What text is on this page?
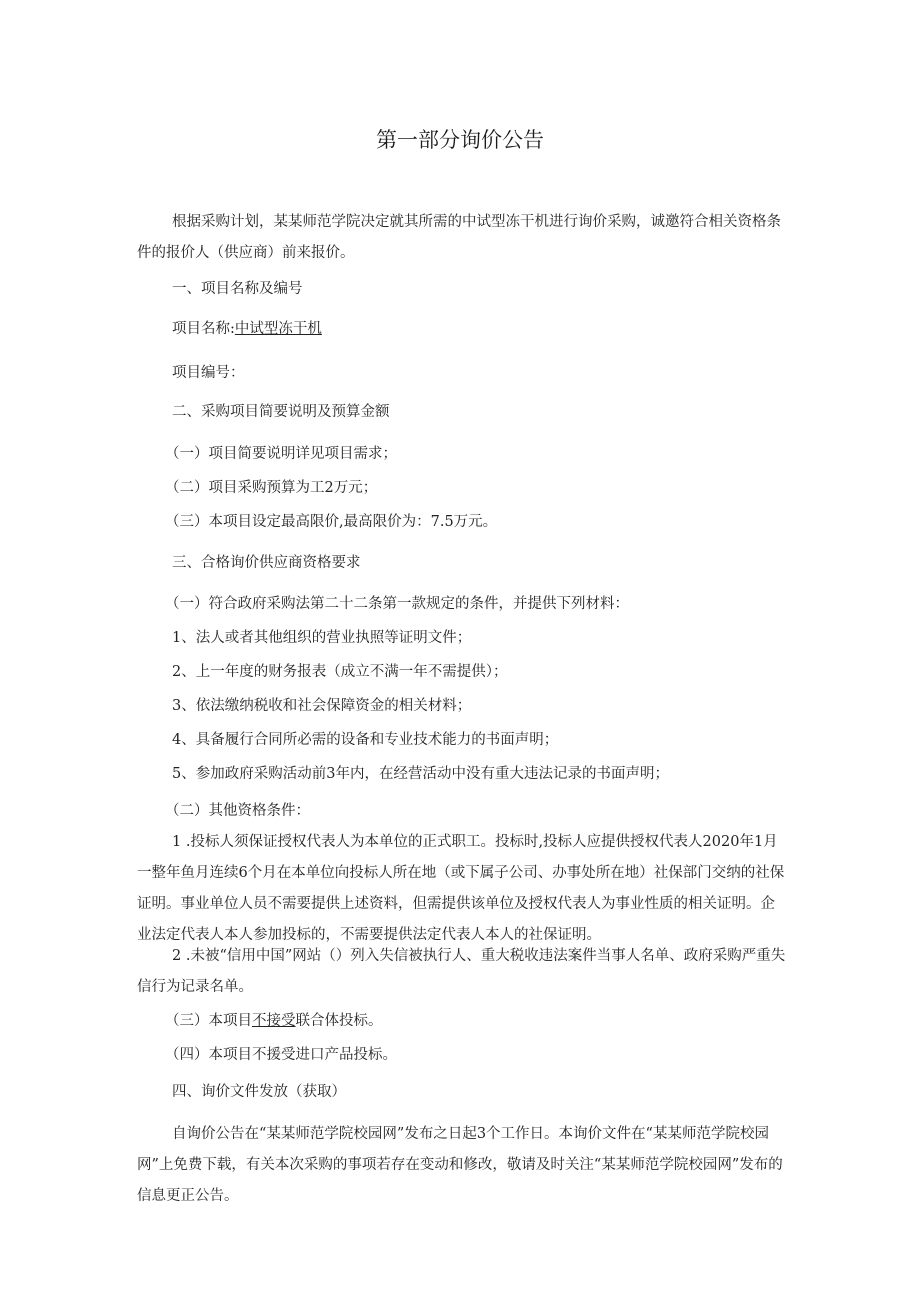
第一部分询价公告
根据采购计划，某某师范学院决定就其所需的中试型冻干机进行询价采购，诚邀符合相关资格条件的报价人（供应商）前来报价。
一、项目名称及编号
项目名称:中试型冻干机
项目编号：
二、采购项目简要说明及预算金额
（一）项目简要说明详见项目需求；
（二）项目采购预算为工2万元；
（三）本项目设定最高限价,最高限价为：7.5万元。
三、合格询价供应商资格要求
（一）符合政府采购法第二十二条第一款规定的条件，并提供下列材料：
1、法人或者其他组织的营业执照等证明文件；
2、上一年度的财务报表（成立不满一年不需提供）；
3、依法缴纳税收和社会保障资金的相关材料；
4、具备履行合同所必需的设备和专业技术能力的书面声明；
5、参加政府采购活动前3年内，在经营活动中没有重大违法记录的书面声明；
（二）其他资格条件：
1 .投标人须保证授权代表人为本单位的正式职工。投标时,投标人应提供授权代表人2020年1月一整年鱼月连续6个月在本单位向投标人所在地（或下属子公司、办事处所在地）社保部门交纳的社保证明。事业单位人员不需要提供上述资料，但需提供该单位及授权代表人为事业性质的相关证明。企业法定代表人本人参加投标的，不需要提供法定代表人本人的社保证明。
2 .未被“信用中国”网站（）列入失信被执行人、重大税收违法案件当事人名单、政府采购严重失信行为记录名单。
（三）本项目不接受联合体投标。
（四）本项目不援受进口产品投标。
四、询价文件发放（获取）
自询价公告在“某某师范学院校园网”发布之日起3个工作日。本询价文件在“某某师范学院校园网”上免费下载，有关本次采购的事项若存在变动和修改，敬请及时关注“某某师范学院校园网”发布的信息更正公告。
